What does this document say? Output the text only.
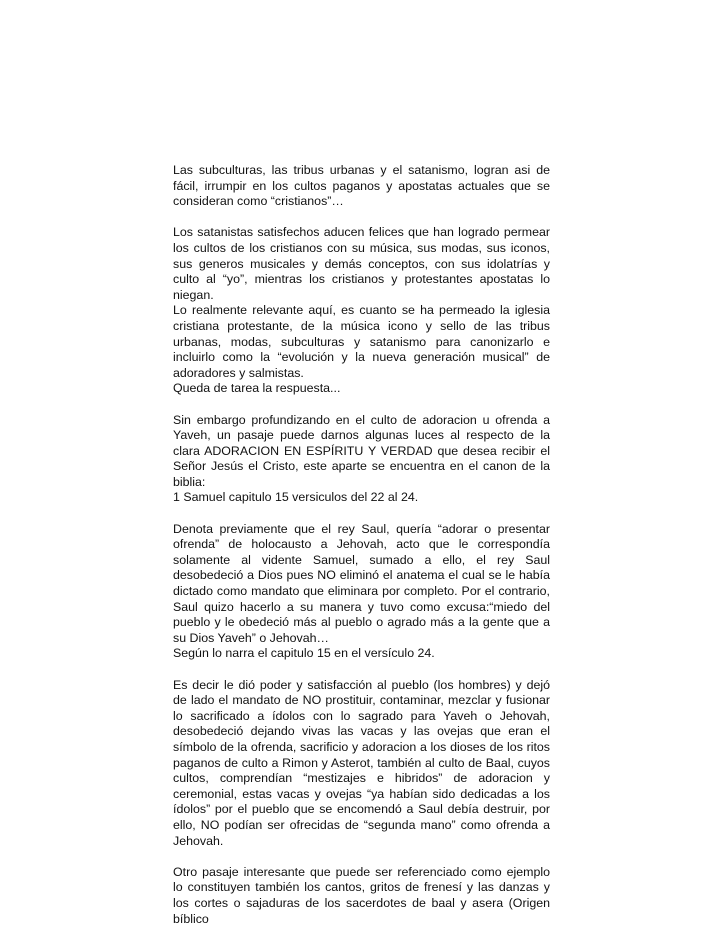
Las subculturas, las tribus urbanas y el satanismo, logran asi de fácil, irrumpir en los cultos paganos y apostatas actuales que se consideran como “cristianos”…

Los satanistas satisfechos aducen felices que han logrado permear los cultos de los cristianos con su música, sus modas, sus iconos, sus generos musicales y demás conceptos, con sus idolatrías y culto al “yo”, mientras los cristianos y protestantes apostatas lo niegan.

Lo realmente relevante aquí, es cuanto se ha permeado la iglesia cristiana protestante, de la música icono y sello de las tribus urbanas, modas, subculturas y satanismo para canonizarlo e incluirlo como la “evolución y la nueva generación musical” de adoradores y salmistas.

Queda de tarea la respuesta...

Sin embargo profundizando en el culto de adoracion u ofrenda a Yaveh, un pasaje puede darnos algunas luces al respecto de la clara ADORACION EN ESPÍRITU Y VERDAD que desea recibir el Señor Jesús el Cristo, este aparte se encuentra en el canon de la biblia:

1 Samuel capitulo 15 versiculos del 22 al 24.

Denota previamente que el rey Saul, quería “adorar o presentar ofrenda” de holocausto a Jehovah, acto que le correspondía solamente al vidente Samuel, sumado a ello, el rey Saul desobedeció a Dios pues NO eliminó el anatema el cual se le había dictado como mandato que eliminara por completo. Por el contrario, Saul quizo hacerlo a su manera y tuvo como excusa:“miedo del pueblo y le obedeció más al pueblo o agrado más a la gente que a su Dios Yaveh” o Jehovah…

Según lo narra el capitulo 15 en el versículo 24.

Es decir le dió poder y satisfacción al pueblo (los hombres) y dejó de lado el mandato de NO prostituir, contaminar, mezclar y fusionar lo sacrificado a ídolos con lo sagrado para Yaveh o Jehovah, desobedeció dejando vivas las vacas y las ovejas que eran el símbolo de la ofrenda, sacrificio y adoracion a los dioses de los ritos paganos de culto a Rimon y Asterot, también al culto de Baal, cuyos cultos, comprendían “mestizajes e hibridos” de adoracion y ceremonial, estas vacas y ovejas “ya habían sido dedicadas a los ídolos” por el pueblo que se encomendó a Saul debía destruir, por ello, NO podían ser ofrecidas de “segunda mano” como ofrenda a Jehovah.

Otro pasaje interesante que puede ser referenciado como ejemplo lo constituyen también los cantos, gritos de frenesí y las danzas y los cortes o sajaduras de los sacerdotes de baal y asera (Origen bíblico
